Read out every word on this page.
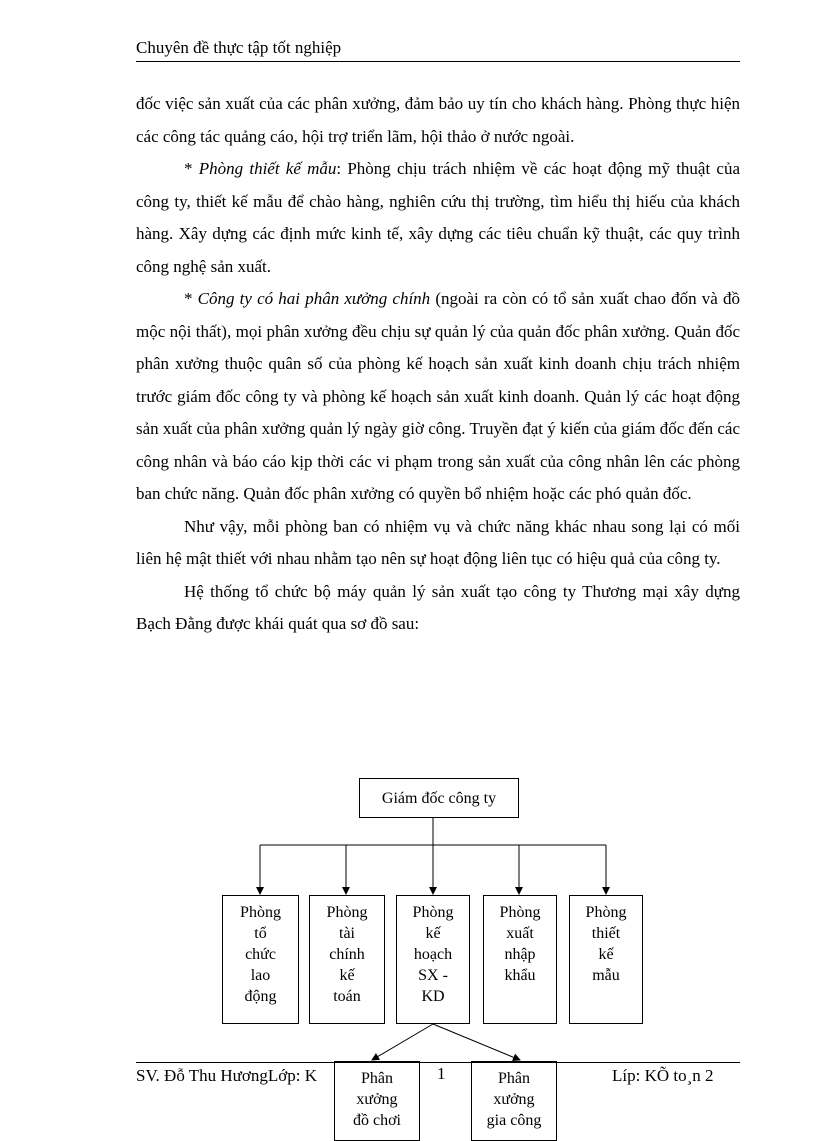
Chuyên đề thực tập tốt nghiệp

đốc việc sản xuất của các phân xưởng, đảm bảo uy tín cho khách hàng. Phòng thực hiện các công tác quảng cáo, hội trợ triển lãm, hội thảo ở nước ngoài.

* Phòng thiết kế mẫu: Phòng chịu trách nhiệm về các hoạt động mỹ thuật của công ty, thiết kế mẫu để chào hàng, nghiên cứu thị trường, tìm hiểu thị hiếu của khách hàng. Xây dựng các định mức kinh tế, xây dựng các tiêu chuẩn kỹ thuật, các quy trình công nghệ sản xuất.

* Công ty có hai phân xưởng chính (ngoài ra còn có tổ sản xuất chao đốn và đồ mộc nội thất), mọi phân xưởng đều chịu sự quản lý của quản đốc phân xưởng. Quản đốc phân xưởng thuộc quân số của phòng kế hoạch sản xuất kinh doanh chịu trách nhiệm trước giám đốc công ty và phòng kế hoạch sản xuất kinh doanh. Quản lý các hoạt động sản xuất của phân xưởng quản lý ngày giờ công. Truyền đạt ý kiến của giám đốc đến các công nhân và báo cáo kịp thời các vi phạm trong sản xuất của công nhân lên các phòng ban chức năng. Quản đốc phân xưởng có quyền bổ nhiệm hoặc các phó quản đốc.

Như vậy, mỗi phòng ban có nhiệm vụ và chức năng khác nhau song lại có mối liên hệ mật thiết với nhau nhằm tạo nên sự hoạt động liên tục có hiệu quả của công ty.

Hệ thống tổ chức bộ máy quản lý sản xuất tạo công ty Thương mại xây dựng Bạch Đằng được khái quát qua sơ đồ sau:

Giám đốc công ty
Phòng
tổ
chức
lao
động
Phòng
tài
chính
kế
toán
Phòng
kế
hoạch
SX -
KD
Phòng
xuất
nhập
khẩu
Phòng
thiết
kế
mẫu
Phân
xưởng
đồ chơi
Phân
xưởng
gia công
SV. Đỗ Thu HươngLớp: K	1	Líp: KÕ to¸n 2
